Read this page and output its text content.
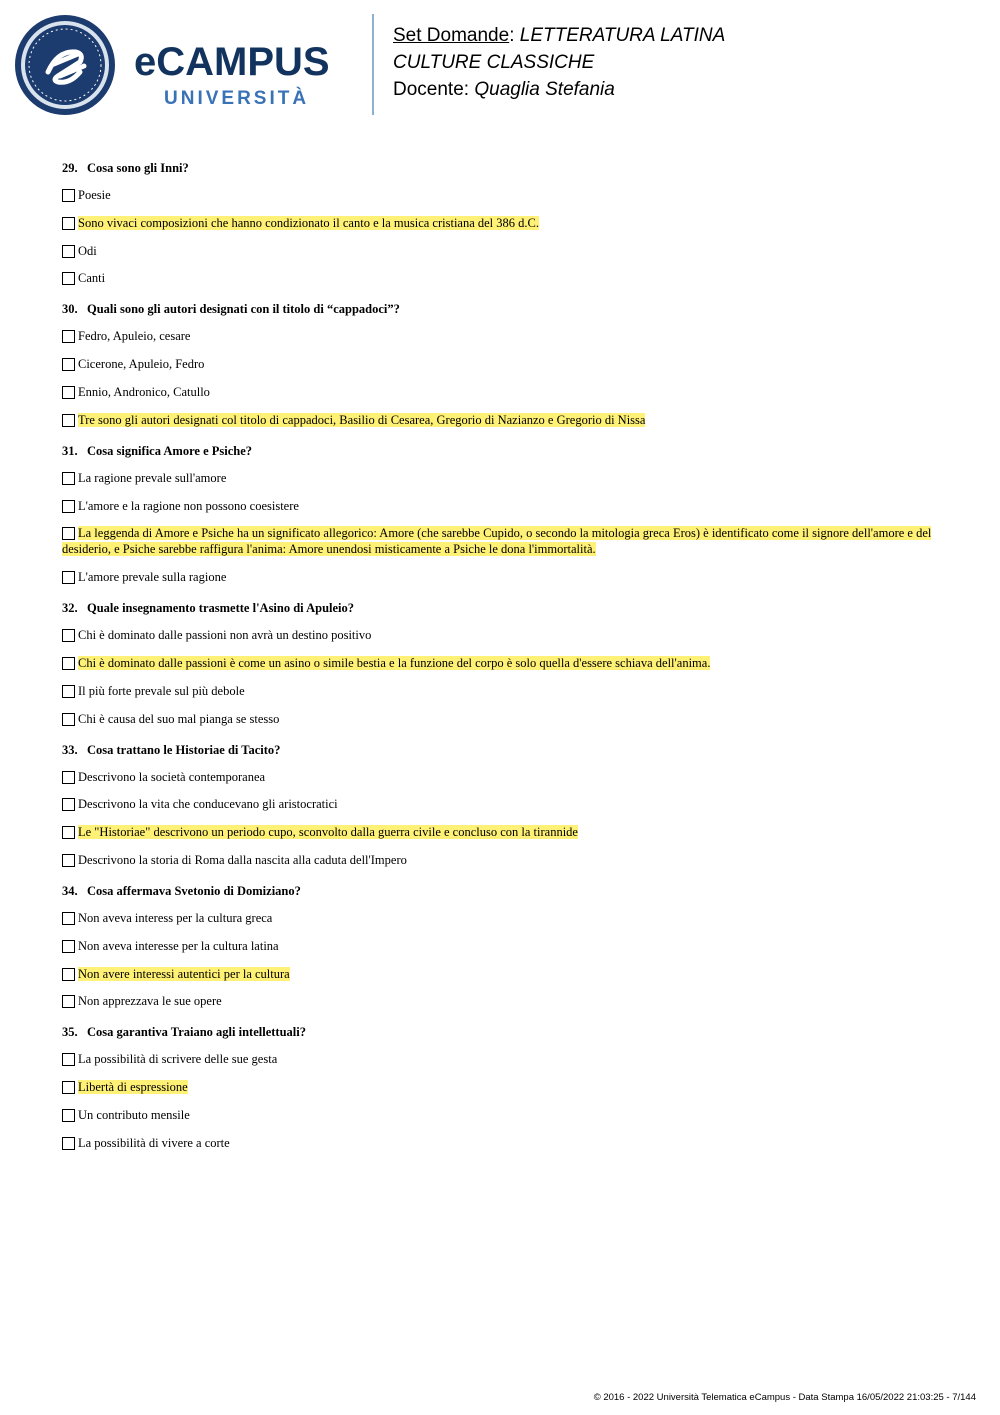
eCAMPUS
UNIVERSITÀ
Set Domande: LETTERATURA LATINA
CULTURE CLASSICHE
Docente: Quaglia Stefania
29. Cosa sono gli Inni?
Poesie
Sono vivaci composizioni che hanno condizionato il canto e la musica cristiana del 386 d.C.
Odi
Canti
30. Quali sono gli autori designati con il titolo di “cappadoci”?
Fedro, Apuleio, cesare
Cicerone, Apuleio, Fedro
Ennio, Andronico, Catullo
Tre sono gli autori designati col titolo di cappadoci, Basilio di Cesarea, Gregorio di Nazianzo e Gregorio di Nissa
31. Cosa significa Amore e Psiche?
La ragione prevale sull'amore
L'amore e la ragione non possono coesistere
La leggenda di Amore e Psiche ha un significato allegorico: Amore (che sarebbe Cupido, o secondo la mitologia greca Eros) è identificato come il signore dell'amore e del desiderio, e Psiche sarebbe raffigura l'anima: Amore unendosi misticamente a Psiche le dona l'immortalità.
L'amore prevale sulla ragione
32. Quale insegnamento trasmette l'Asino di Apuleio?
Chi è dominato dalle passioni non avrà un destino positivo
Chi è dominato dalle passioni è come un asino o simile bestia e la funzione del corpo è solo quella d'essere schiava dell'anima.
Il più forte prevale sul più debole
Chi è causa del suo mal pianga se stesso
33. Cosa trattano le Historiae di Tacito?
Descrivono la società contemporanea
Descrivono la vita che conducevano gli aristocratici
Le "Historiae" descrivono un periodo cupo, sconvolto dalla guerra civile e concluso con la tirannide
Descrivono la storia di Roma dalla nascita alla caduta dell'Impero
34. Cosa affermava Svetonio di Domiziano?
Non aveva interess per la cultura greca
Non aveva interesse per la cultura latina
Non avere interessi autentici per la cultura
Non apprezzava le sue opere
35. Cosa garantiva Traiano agli intellettuali?
La possibilità di scrivere delle sue gesta
Libertà di espressione
Un contributo mensile
La possibilità di vivere a corte
© 2016 - 2022 Università Telematica eCampus - Data Stampa 16/05/2022 21:03:25 - 7/144
